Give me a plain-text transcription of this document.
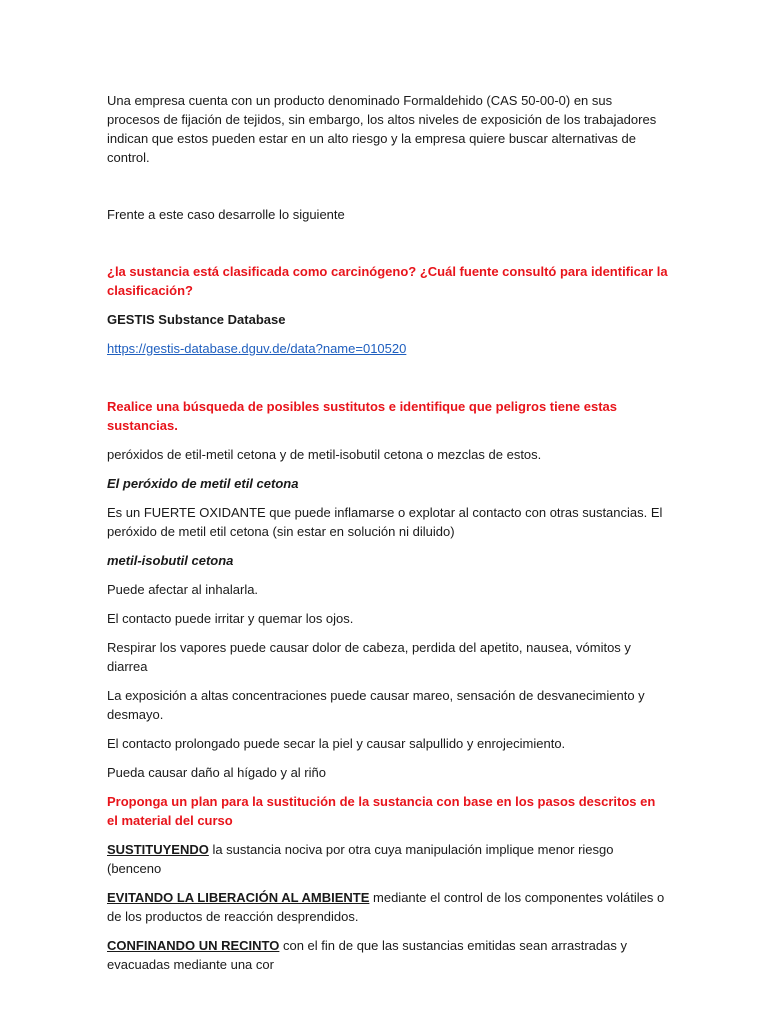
Una empresa cuenta con un producto denominado Formaldehido (CAS 50-00-0) en sus procesos de fijación de tejidos, sin embargo, los altos niveles de exposición de los trabajadores indican que estos pueden estar en un alto riesgo y la empresa quiere buscar alternativas de control.

Frente a este caso desarrolle lo siguiente

¿la sustancia está clasificada como carcinógeno? ¿Cuál fuente consultó para identificar la clasificación?

GESTIS Substance Database

https://gestis-database.dguv.de/data?name=010520

Realice una búsqueda de posibles sustitutos e identifique que peligros tiene estas sustancias.

peróxidos de etil-metil cetona y de metil-isobutil cetona o mezclas de estos.

El peróxido de metil etil cetona

Es un FUERTE OXIDANTE que puede inflamarse o explotar al contacto con otras sustancias. El peróxido de metil etil cetona (sin estar en solución ni diluido)

metil-isobutil cetona

Puede afectar al inhalarla.

El contacto puede irritar y quemar los ojos.

Respirar los vapores puede causar dolor de cabeza, perdida del apetito, nausea, vómitos y diarrea

La exposición a altas concentraciones puede causar mareo, sensación de desvanecimiento y desmayo.

El contacto prolongado puede secar la piel y causar salpullido y enrojecimiento.

Pueda causar daño al hígado y al riño

Proponga un plan para la sustitución de la sustancia con base en los pasos descritos en el material del curso

SUSTITUYENDO la sustancia nociva por otra cuya manipulación implique menor riesgo (benceno

EVITANDO LA LIBERACIÓN AL AMBIENTE mediante el control de los componentes volátiles o de los productos de reacción desprendidos.

CONFINANDO UN RECINTO con el fin de que las sustancias emitidas sean arrastradas y evacuadas mediante una cor
